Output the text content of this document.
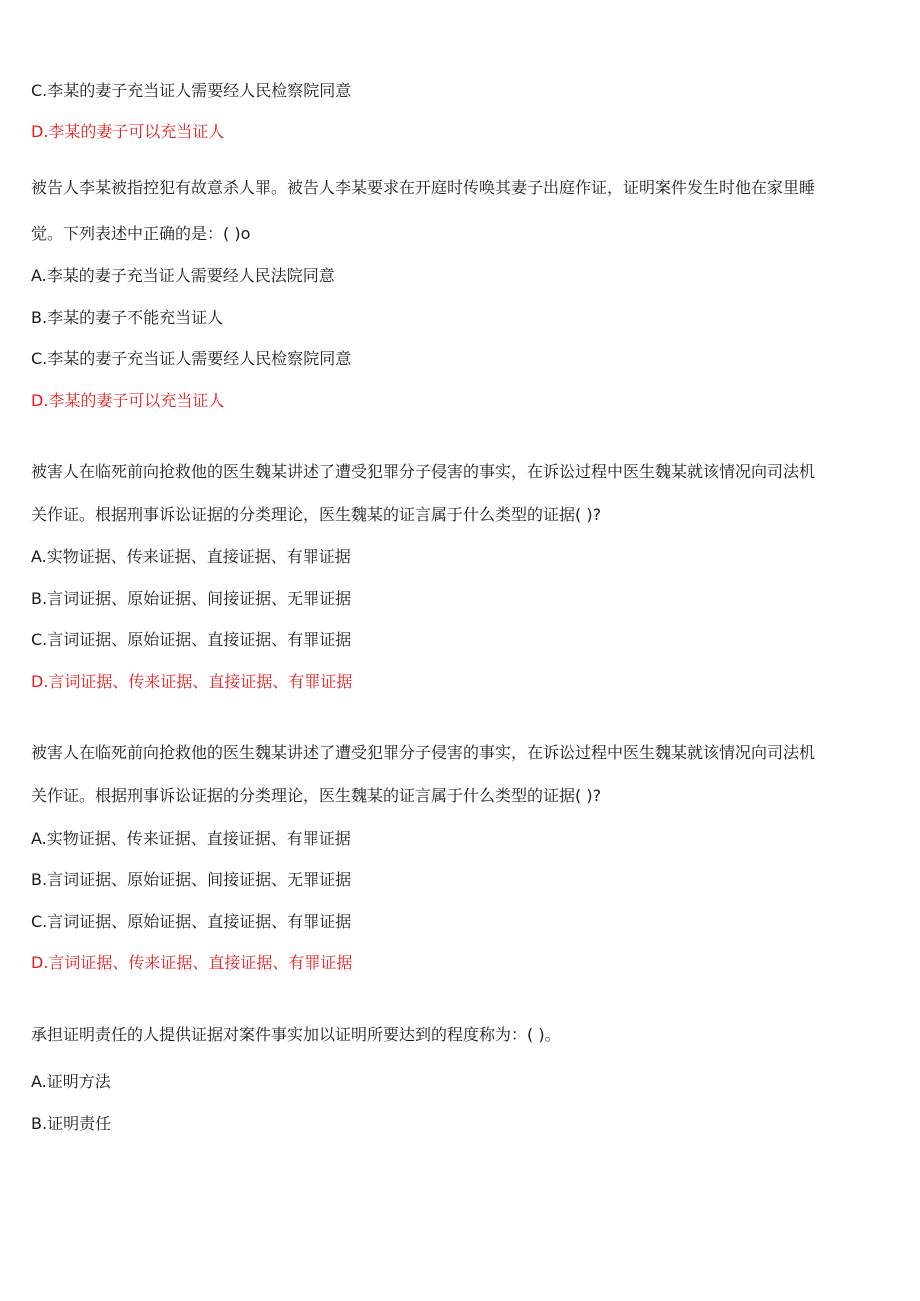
C.李某的妻子充当证人需要经人民检察院同意
D.李某的妻子可以充当证人
被告人李某被指控犯有故意杀人罪。被告人李某要求在开庭时传唤其妻子出庭作证，证明案件发生时他在家里睡
觉。下列表述中正确的是：( )o
A.李某的妻子充当证人需要经人民法院同意
B.李某的妻子不能充当证人
C.李某的妻子充当证人需要经人民检察院同意
D.李某的妻子可以充当证人
被害人在临死前向抢救他的医生魏某讲述了遭受犯罪分子侵害的事实，在诉讼过程中医生魏某就该情况向司法机
关作证。根据刑事诉讼证据的分类理论，医生魏某的证言属于什么类型的证据( )?
A.实物证据、传来证据、直接证据、有罪证据
B.言词证据、原始证据、间接证据、无罪证据
C.言词证据、原始证据、直接证据、有罪证据
D.言词证据、传来证据、直接证据、有罪证据
被害人在临死前向抢救他的医生魏某讲述了遭受犯罪分子侵害的事实，在诉讼过程中医生魏某就该情况向司法机
关作证。根据刑事诉讼证据的分类理论，医生魏某的证言属于什么类型的证据( )?
A.实物证据、传来证据、直接证据、有罪证据
B.言词证据、原始证据、间接证据、无罪证据
C.言词证据、原始证据、直接证据、有罪证据
D.言词证据、传来证据、直接证据、有罪证据
承担证明责任的人提供证据对案件事实加以证明所要达到的程度称为：( )。
A.证明方法
B.证明责任
